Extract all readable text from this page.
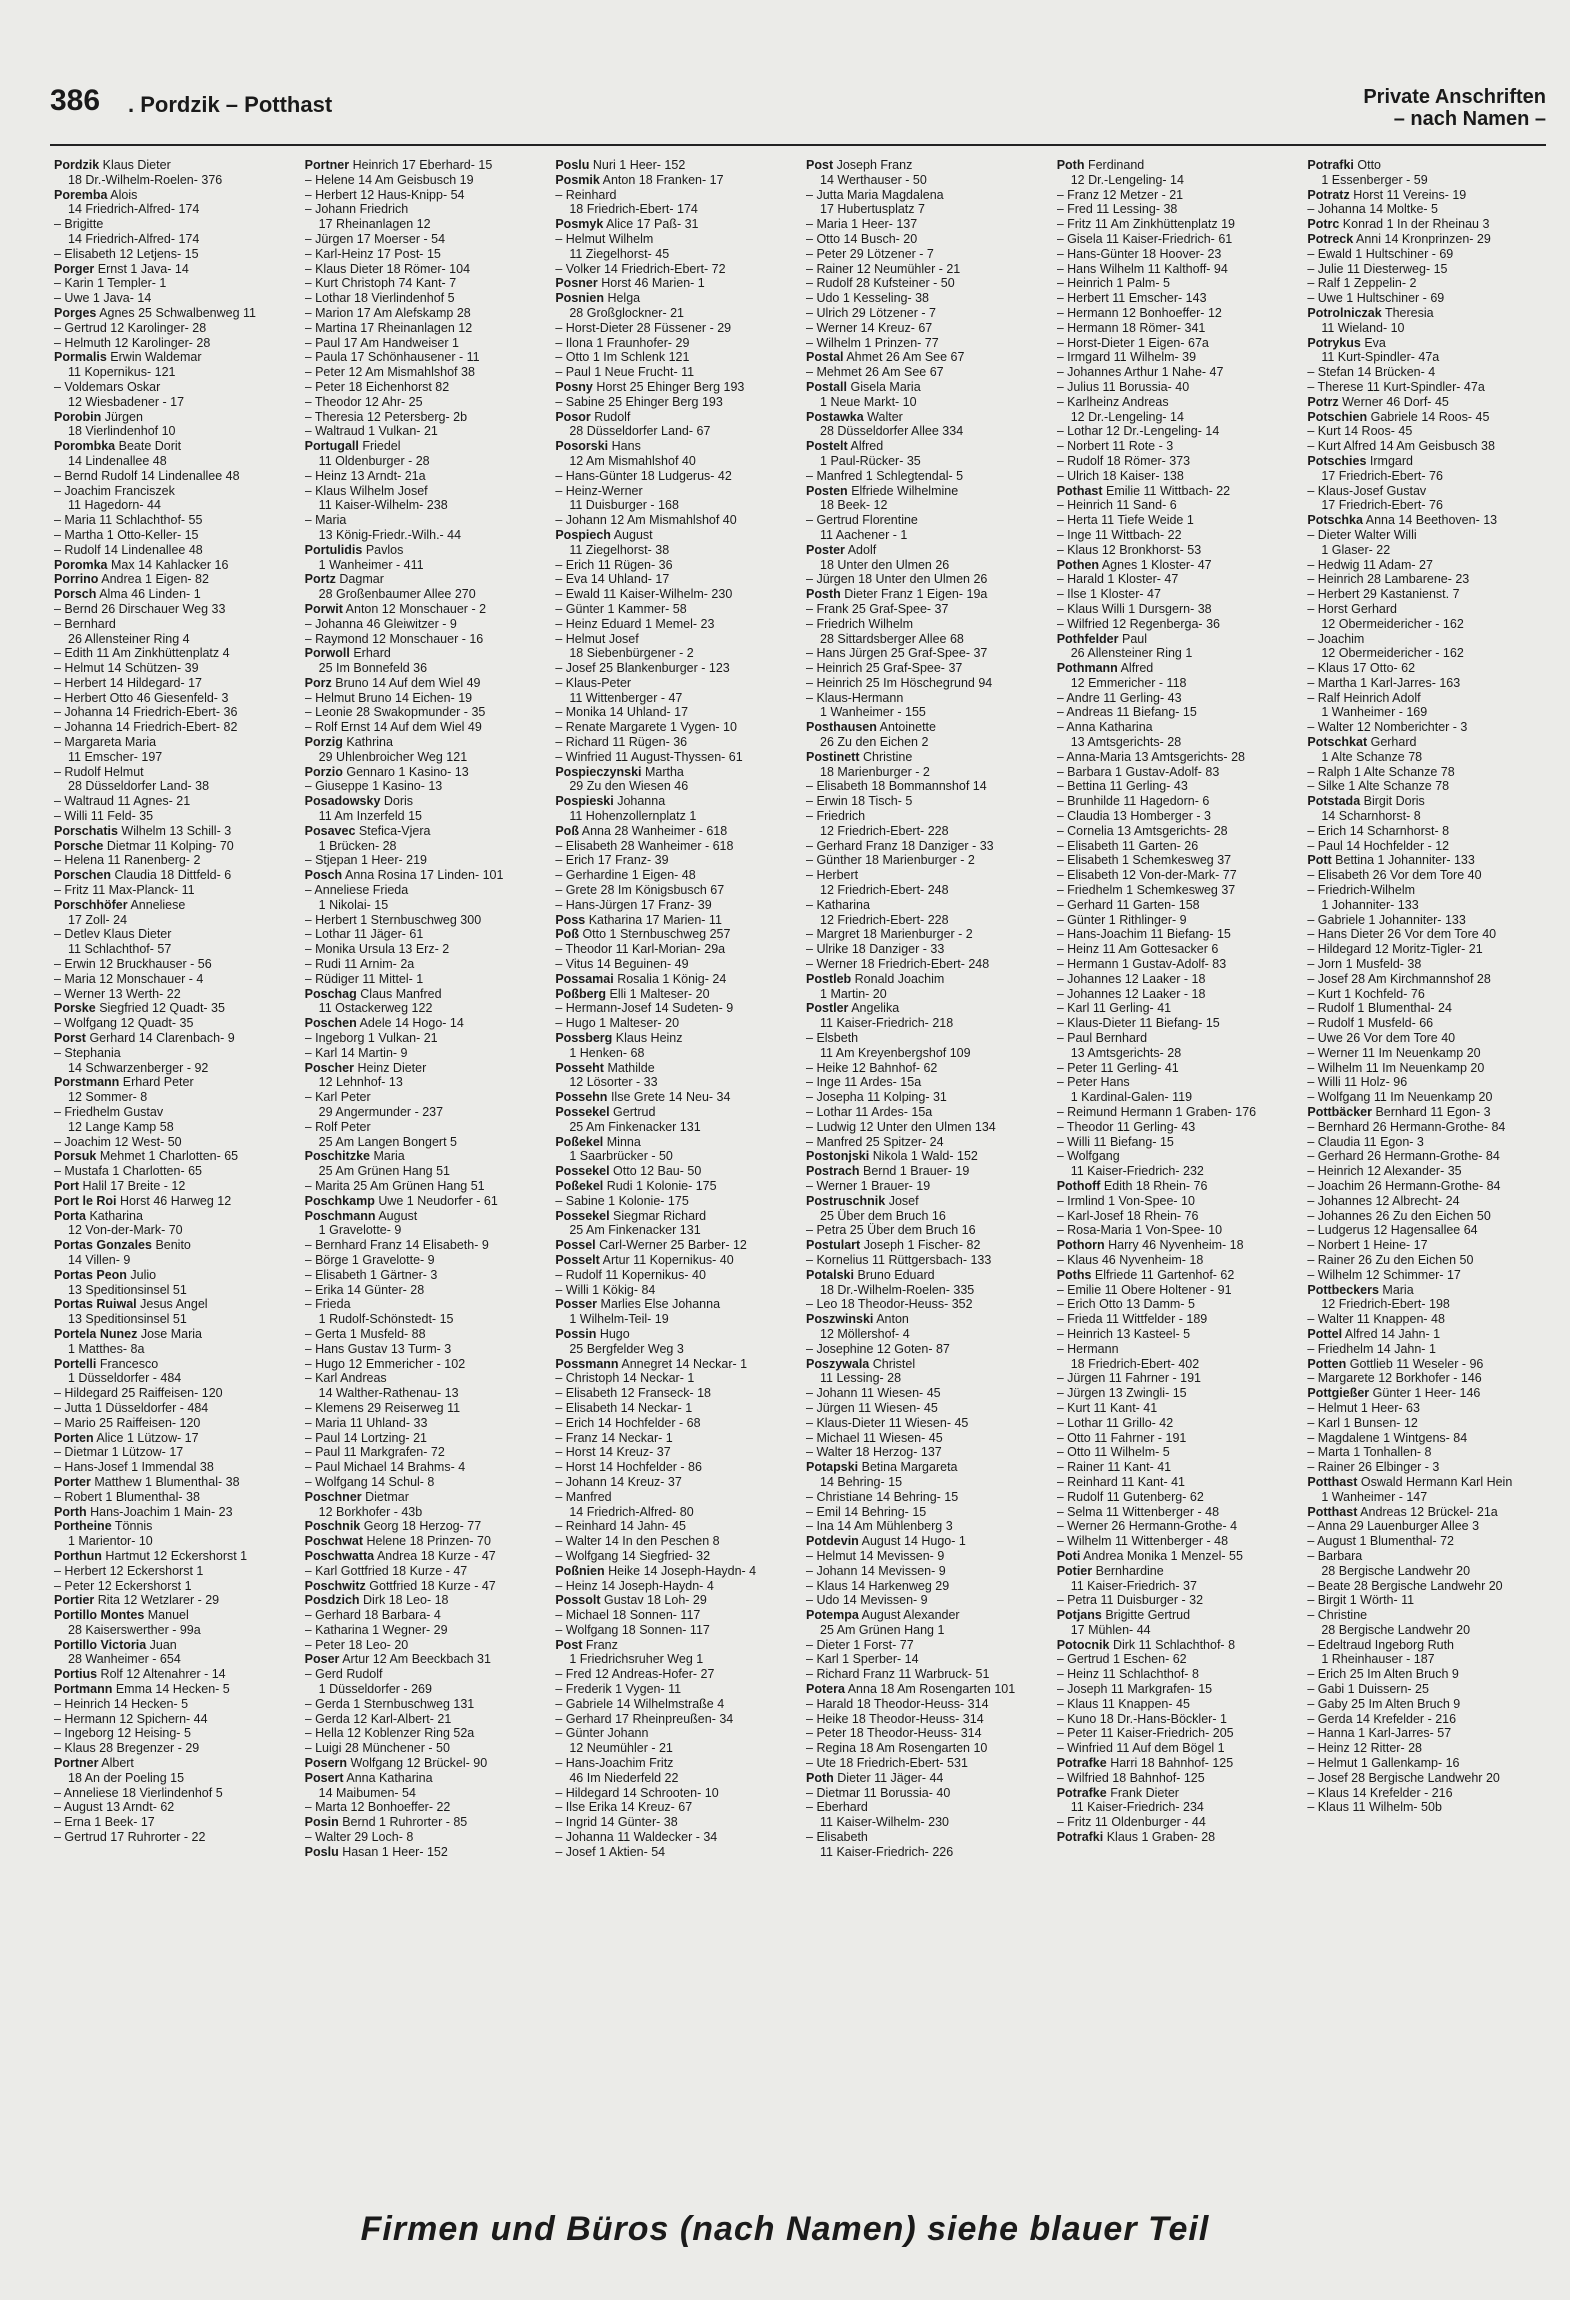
386 . Pordzik – Potthast	Private Anschriften
– nach Namen –
Pordzik Klaus Dieter
18 Dr.-Wilhelm-Roelen- 376
Poremba Alois
14 Friedrich-Alfred- 174
– Brigitte
14 Friedrich-Alfred- 174
– Elisabeth 12 Letjens- 15
Porger Ernst 1 Java- 14
– Karin 1 Templer- 1
– Uwe 1 Java- 14
Porges Agnes 25 Schwalbenweg 11
– Gertrud 12 Karolinger- 28
– Helmuth 12 Karolinger- 28
Pormalis Erwin Waldemar
11 Kopernikus- 121
– Voldemars Oskar
12 Wiesbadener - 17
Porobin Jürgen
18 Vierlindenhof 10
Porombka Beate Dorit
14 Lindenallee 48
– Bernd Rudolf 14 Lindenallee 48
– Joachim Franciszek
11 Hagedorn- 44
– Maria 11 Schlachthof- 55
– Martha 1 Otto-Keller- 15
– Rudolf 14 Lindenallee 48
Poromka Max 14 Kahlacker 16
Porrino Andrea 1 Eigen- 82
Porsch Alma 46 Linden- 1
– Bernd 26 Dirschauer Weg 33
– Bernhard
26 Allensteiner Ring 4
– Edith 11 Am Zinkhüttenplatz 4
– Helmut 14 Schützen- 39
– Herbert 14 Hildegard- 17
– Herbert Otto 46 Giesenfeld- 3
– Johanna 14 Friedrich-Ebert- 36
– Johanna 14 Friedrich-Ebert- 82
– Margareta Maria
11 Emscher- 197
– Rudolf Helmut
28 Düsseldorfer Land- 38
– Waltraud 11 Agnes- 21
– Willi 11 Feld- 35
Porschatis Wilhelm 13 Schill- 3
Porsche Dietmar 11 Kolping- 70
– Helena 11 Ranenberg- 2
Porschen Claudia 18 Dittfeld- 6
– Fritz 11 Max-Planck- 11
Porschhöfer Anneliese
17 Zoll- 24
– Detlev Klaus Dieter
11 Schlachthof- 57
– Erwin 12 Bruckhauser - 56
– Maria 12 Monschauer - 4
– Werner 13 Werth- 22
Porske Siegfried 12 Quadt- 35
– Wolfgang 12 Quadt- 35
Porst Gerhard 14 Clarenbach- 9
– Stephania
14 Schwarzenberger - 92
Porstmann Erhard Peter
12 Sommer- 8
– Friedhelm Gustav
12 Lange Kamp 58
– Joachim 12 West- 50
Porsuk Mehmet 1 Charlotten- 65
– Mustafa 1 Charlotten- 65
Port Halil 17 Breite - 12
Port le Roi Horst 46 Harweg 12
Porta Katharina
12 Von-der-Mark- 70
Portas Gonzales Benito
14 Villen- 9
Portas Peon Julio
13 Speditionsinsel 51
Portas Ruiwal Jesus Angel
13 Speditionsinsel 51
Portela Nunez Jose Maria
1 Matthes- 8a
Portelli Francesco
1 Düsseldorfer - 484
– Hildegard 25 Raiffeisen- 120
– Jutta 1 Düsseldorfer - 484
– Mario 25 Raiffeisen- 120
Porten Alice 1 Lützow- 17
– Dietmar 1 Lützow- 17
– Hans-Josef 1 Immendal 38
Porter Matthew 1 Blumenthal- 38
– Robert 1 Blumenthal- 38
Porth Hans-Joachim 1 Main- 23
Portheine Tönnis
1 Marientor- 10
Porthun Hartmut 12 Eckershorst 1
– Herbert 12 Eckershorst 1
– Peter 12 Eckershorst 1
Portier Rita 12 Wetzlarer - 29
Portillo Montes Manuel
28 Kaiserswerther - 99a
Portillo Victoria Juan
28 Wanheimer - 654
Portius Rolf 12 Altenahrer - 14
Portmann Emma 14 Hecken- 5
– Heinrich 14 Hecken- 5
– Hermann 12 Spichern- 44
– Ingeborg 12 Heising- 5
– Klaus 28 Bregenzer - 29
Portner Albert
18 An der Poeling 15
– Anneliese 18 Vierlindenhof 5
– August 13 Arndt- 62
– Erna 1 Beek- 17
– Gertrud 17 Ruhrorter - 22
Portner Heinrich 17 Eberhard- 15
– Helene 14 Am Geisbusch 19
– Herbert 12 Haus-Knipp- 54
– Johann Friedrich
17 Rheinanlagen 12
– Jürgen 17 Moerser - 54
– Karl-Heinz 17 Post- 15
– Klaus Dieter 18 Römer- 104
– Kurt Christoph 74 Kant- 7
– Lothar 18 Vierlindenhof 5
– Marion 17 Am Alefskamp 28
– Martina 17 Rheinanlagen 12
– Paul 17 Am Handweiser 1
– Paula 17 Schönhausener - 11
– Peter 12 Am Mismahlshof 38
– Peter 18 Eichenhorst 82
– Theodor 12 Ahr- 25
– Theresia 12 Petersberg- 2b
– Waltraud 1 Vulkan- 21
Portugall Friedel
11 Oldenburger - 28
– Heinz 13 Arndt- 21a
– Klaus Wilhelm Josef
11 Kaiser-Wilhelm- 238
– Maria
13 König-Friedr.-Wilh.- 44
Portulidis Pavlos
1 Wanheimer - 411
Portz Dagmar
28 Großenbaumer Allee 270
Porwit Anton 12 Monschauer - 2
– Johanna 46 Gleiwitzer - 9
– Raymond 12 Monschauer - 16
Porwoll Erhard
25 Im Bonnefeld 36
Porz Bruno 14 Auf dem Wiel 49
– Helmut Bruno 14 Eichen- 19
– Leonie 28 Swakopmunder - 35
– Rolf Ernst 14 Auf dem Wiel 49
Porzig Kathrina
29 Uhlenbroicher Weg 121
Porzio Gennaro 1 Kasino- 13
– Giuseppe 1 Kasino- 13
Posadowsky Doris
11 Am Inzerfeld 15
Posavec Stefica-Vjera
1 Brücken- 28
– Stjepan 1 Heer- 219
Posch Anna Rosina 17 Linden- 101
– Anneliese Frieda
1 Nikolai- 15
– Herbert 1 Sternbuschweg 300
– Lothar 11 Jäger- 61
– Monika Ursula 13 Erz- 2
– Rudi 11 Arnim- 2a
– Rüdiger 11 Mittel- 1
Poschag Claus Manfred
11 Ostackerweg 122
Poschen Adele 14 Hogo- 14
– Ingeborg 1 Vulkan- 21
– Karl 14 Martin- 9
Poscher Heinz Dieter
12 Lehnhof- 13
– Karl Peter
29 Angermunder - 237
– Rolf Peter
25 Am Langen Bongert 5
Poschitzke Maria
25 Am Grünen Hang 51
– Marita 25 Am Grünen Hang 51
Poschkamp Uwe 1 Neudorfer - 61
Poschmann August
1 Gravelotte- 9
– Bernhard Franz 14 Elisabeth- 9
– Börge 1 Gravelotte- 9
– Elisabeth 1 Gärtner- 3
– Erika 14 Günter- 28
– Frieda
1 Rudolf-Schönstedt- 15
– Gerta 1 Musfeld- 88
– Hans Gustav 13 Turm- 3
– Hugo 12 Emmericher - 102
– Karl Andreas
14 Walther-Rathenau- 13
– Klemens 29 Reiserweg 11
– Maria 11 Uhland- 33
– Paul 14 Lortzing- 21
– Paul 11 Markgrafen- 72
– Paul Michael 14 Brahms- 4
– Wolfgang 14 Schul- 8
Poschner Dietmar
12 Borkhofer - 43b
Poschnik Georg 18 Herzog- 77
Poschwat Helene 18 Prinzen- 70
Poschwatta Andrea 18 Kurze - 47
– Karl Gottfried 18 Kurze - 47
Poschwitz Gottfried 18 Kurze - 47
Posdzich Dirk 18 Leo- 18
– Gerhard 18 Barbara- 4
– Katharina 1 Wegner- 29
– Peter 18 Leo- 20
Poser Artur 12 Am Beeckbach 31
– Gerd Rudolf
1 Düsseldorfer - 269
– Gerda 1 Sternbuschweg 131
– Gerda 12 Karl-Albert- 21
– Hella 12 Koblenzer Ring 52a
– Luigi 28 Münchener - 50
Posern Wolfgang 12 Brückel- 90
Posert Anna Katharina
14 Maibumen- 54
– Marta 12 Bonhoeffer- 22
Posin Bernd 1 Ruhrorter - 85
– Walter 29 Loch- 8
Poslu Hasan 1 Heer- 152
Poslu Nuri 1 Heer- 152
Posmik Anton 18 Franken- 17
– Reinhard
18 Friedrich-Ebert- 174
Posmyk Alice 17 Paß- 31
– Helmut Wilhelm
11 Ziegelhorst- 45
– Volker 14 Friedrich-Ebert- 72
Posner Horst 46 Marien- 1
Posnien Helga
28 Großglockner- 21
– Horst-Dieter 28 Füssener - 29
– Ilona 1 Fraunhofer- 29
– Otto 1 Im Schlenk 121
– Paul 1 Neue Frucht- 11
Posny Horst 25 Ehinger Berg 193
– Sabine 25 Ehinger Berg 193
Posor Rudolf
28 Düsseldorfer Land- 67
Posorski Hans
12 Am Mismahlshof 40
– Hans-Günter 18 Ludgerus- 42
– Heinz-Werner
11 Duisburger - 168
– Johann 12 Am Mismahlshof 40
Pospiech August
11 Ziegelhorst- 38
– Erich 11 Rügen- 36
– Eva 14 Uhland- 17
– Ewald 11 Kaiser-Wilhelm- 230
– Günter 1 Kammer- 58
– Heinz Eduard 1 Memel- 23
– Helmut Josef
18 Siebenbürgener - 2
– Josef 25 Blankenburger - 123
– Klaus-Peter
11 Wittenberger - 47
– Monika 14 Uhland- 17
– Renate Margarete 1 Vygen- 10
– Richard 11 Rügen- 36
– Winfried 11 August-Thyssen- 61
Pospieczynski Martha
29 Zu den Wiesen 46
Pospieski Johanna
11 Hohenzollernplatz 1
Poß Anna 28 Wanheimer - 618
– Elisabeth 28 Wanheimer - 618
– Erich 17 Franz- 39
– Gerhardine 1 Eigen- 48
– Grete 28 Im Königsbusch 67
– Hans-Jürgen 17 Franz- 39
Poss Katharina 17 Marien- 11
Poß Otto 1 Sternbuschweg 257
– Theodor 11 Karl-Morian- 29a
– Vitus 14 Beguinen- 49
Possamai Rosalia 1 König- 24
Poßberg Elli 1 Malteser- 20
– Hermann-Josef 14 Sudeten- 9
– Hugo 1 Malteser- 20
Possberg Klaus Heinz
1 Henken- 68
Posseht Mathilde
12 Lösorter - 33
Possehn Ilse Grete 14 Neu- 34
Possekel Gertrud
25 Am Finkenacker 131
Poßekel Minna
1 Saarbrücker - 50
Possekel Otto 12 Bau- 50
Poßekel Rudi 1 Kolonie- 175
– Sabine 1 Kolonie- 175
Possekel Siegmar Richard
25 Am Finkenacker 131
Possel Carl-Werner 25 Barber- 12
Posselt Artur 11 Kopernikus- 40
– Rudolf 11 Kopernikus- 40
– Willi 1 Kökig- 84
Posser Marlies Else Johanna
1 Wilhelm-Teil- 19
Possin Hugo
25 Bergfelder Weg 3
Possmann Annegret 14 Neckar- 1
– Christoph 14 Neckar- 1
– Elisabeth 12 Franseck- 18
– Elisabeth 14 Neckar- 1
– Erich 14 Hochfelder - 68
– Franz 14 Neckar- 1
– Horst 14 Kreuz- 37
– Horst 14 Hochfelder - 86
– Johann 14 Kreuz- 37
– Manfred
14 Friedrich-Alfred- 80
– Reinhard 14 Jahn- 45
– Walter 14 In den Peschen 8
– Wolfgang 14 Siegfried- 32
Poßnien Heike 14 Joseph-Haydn- 4
– Heinz 14 Joseph-Haydn- 4
Possolt Gustav 18 Loh- 29
– Michael 18 Sonnen- 117
– Wolfgang 18 Sonnen- 117
Post Franz
1 Friedrichsruher Weg 1
– Fred 12 Andreas-Hofer- 27
– Frederik 1 Vygen- 11
– Gabriele 14 Wilhelmstraße 4
– Gerhard 17 Rheinpreußen- 34
– Günter Johann
12 Neumühler - 21
– Hans-Joachim Fritz
46 Im Niederfeld 22
– Hildegard 14 Schrooten- 10
– Ilse Erika 14 Kreuz- 67
– Ingrid 14 Günter- 38
– Johanna 11 Waldecker - 34
– Josef 1 Aktien- 54
Post Joseph Franz
14 Werthauser - 50
– Jutta Maria Magdalena
17 Hubertusplatz 7
– Maria 1 Heer- 137
– Otto 14 Busch- 20
– Peter 29 Lötzener - 7
– Rainer 12 Neumühler - 21
– Rudolf 28 Kufsteiner - 50
– Udo 1 Kesseling- 38
– Ulrich 29 Lötzener - 7
– Werner 14 Kreuz- 67
– Wilhelm 1 Prinzen- 77
Postal Ahmet 26 Am See 67
– Mehmet 26 Am See 67
Postall Gisela Maria
1 Neue Markt- 10
Postawka Walter
28 Düsseldorfer Allee 334
Postelt Alfred
1 Paul-Rücker- 35
– Manfred 1 Schlegtendal- 5
Posten Elfriede Wilhelmine
18 Beek- 12
– Gertrud Florentine
11 Aachener - 1
Poster Adolf
18 Unter den Ulmen 26
– Jürgen 18 Unter den Ulmen 26
Posth Dieter Franz 1 Eigen- 19a
– Frank 25 Graf-Spee- 37
– Friedrich Wilhelm
28 Sittardsberger Allee 68
– Hans Jürgen 25 Graf-Spee- 37
– Heinrich 25 Graf-Spee- 37
– Heinrich 25 Im Höschegrund 94
– Klaus-Hermann
1 Wanheimer - 155
Posthausen Antoinette
26 Zu den Eichen 2
Postinett Christine
18 Marienburger - 2
– Elisabeth 18 Bommannshof 14
– Erwin 18 Tisch- 5
– Friedrich
12 Friedrich-Ebert- 228
– Gerhard Franz 18 Danziger - 33
– Günther 18 Marienburger - 2
– Herbert
12 Friedrich-Ebert- 248
– Katharina
12 Friedrich-Ebert- 228
– Margret 18 Marienburger - 2
– Ulrike 18 Danziger - 33
– Werner 18 Friedrich-Ebert- 248
Postleb Ronald Joachim
1 Martin- 20
Postler Angelika
11 Kaiser-Friedrich- 218
– Elsbeth
11 Am Kreyenbergshof 109
– Heike 12 Bahnhof- 62
– Inge 11 Ardes- 15a
– Josepha 11 Kolping- 31
– Lothar 11 Ardes- 15a
– Ludwig 12 Unter den Ulmen 134
– Manfred 25 Spitzer- 24
Postonjski Nikola 1 Wald- 152
Postrach Bernd 1 Brauer- 19
– Werner 1 Brauer- 19
Postruschnik Josef
25 Über dem Bruch 16
– Petra 25 Über dem Bruch 16
Postulart Joseph 1 Fischer- 82
– Kornelius 11 Rüttgersbach- 133
Potalski Bruno Eduard
18 Dr.-Wilhelm-Roelen- 335
– Leo 18 Theodor-Heuss- 352
Poszwinski Anton
12 Möllershof- 4
– Josephine 12 Goten- 87
Poszywala Christel
11 Lessing- 28
– Johann 11 Wiesen- 45
– Jürgen 11 Wiesen- 45
– Klaus-Dieter 11 Wiesen- 45
– Michael 11 Wiesen- 45
– Walter 18 Herzog- 137
Potapski Betina Margareta
14 Behring- 15
– Christiane 14 Behring- 15
– Emil 14 Behring- 15
– Ina 14 Am Mühlenberg 3
Potdevin August 14 Hugo- 1
– Helmut 14 Mevissen- 9
– Johann 14 Mevissen- 9
– Klaus 14 Harkenweg 29
– Udo 14 Mevissen- 9
Potempa August Alexander
25 Am Grünen Hang 1
– Dieter 1 Forst- 77
– Karl 1 Sperber- 14
– Richard Franz 11 Warbruck- 51
Potera Anna 18 Am Rosengarten 101
– Harald 18 Theodor-Heuss- 314
– Heike 18 Theodor-Heuss- 314
– Peter 18 Theodor-Heuss- 314
– Regina 18 Am Rosengarten 10
– Ute 18 Friedrich-Ebert- 531
Poth Dieter 11 Jäger- 44
– Dietmar 11 Borussia- 40
– Eberhard
11 Kaiser-Wilhelm- 230
– Elisabeth
11 Kaiser-Friedrich- 226
Poth Ferdinand
12 Dr.-Lengeling- 14
– Franz 12 Metzer - 21
– Fred 11 Lessing- 38
– Fritz 11 Am Zinkhüttenplatz 19
– Gisela 11 Kaiser-Friedrich- 61
– Hans-Günter 18 Hoover- 23
– Hans Wilhelm 11 Kalthoff- 94
– Heinrich 1 Palm- 5
– Herbert 11 Emscher- 143
– Hermann 12 Bonhoeffer- 12
– Hermann 18 Römer- 341
– Horst-Dieter 1 Eigen- 67a
– Irmgard 11 Wilhelm- 39
– Johannes Arthur 1 Nahe- 47
– Julius 11 Borussia- 40
– Karlheinz Andreas
12 Dr.-Lengeling- 14
– Lothar 12 Dr.-Lengeling- 14
– Norbert 11 Rote - 3
– Rudolf 18 Römer- 373
– Ulrich 18 Kaiser- 138
Pothast Emilie 11 Wittbach- 22
– Heinrich 11 Sand- 6
– Herta 11 Tiefe Weide 1
– Inge 11 Wittbach- 22
– Klaus 12 Bronkhorst- 53
Pothen Agnes 1 Kloster- 47
– Harald 1 Kloster- 47
– Ilse 1 Kloster- 47
– Klaus Willi 1 Dursgern- 38
– Wilfried 12 Regenberga- 36
Pothfelder Paul
26 Allensteiner Ring 1
Pothmann Alfred
12 Emmericher - 118
– Andre 11 Gerling- 43
– Andreas 11 Biefang- 15
– Anna Katharina
13 Amtsgerichts- 28
– Anna-Maria 13 Amtsgerichts- 28
– Barbara 1 Gustav-Adolf- 83
– Bettina 11 Gerling- 43
– Brunhilde 11 Hagedorn- 6
– Claudia 13 Homberger - 3
– Cornelia 13 Amtsgerichts- 28
– Elisabeth 11 Garten- 26
– Elisabeth 1 Schemkesweg 37
– Elisabeth 12 Von-der-Mark- 77
– Friedhelm 1 Schemkesweg 37
– Gerhard 11 Garten- 158
– Günter 1 Rithlinger- 9
– Hans-Joachim 11 Biefang- 15
– Heinz 11 Am Gottesacker 6
– Hermann 1 Gustav-Adolf- 83
– Johannes 12 Laaker - 18
– Johannes 12 Laaker - 18
– Karl 11 Gerling- 41
– Klaus-Dieter 11 Biefang- 15
– Paul Bernhard
13 Amtsgerichts- 28
– Peter 11 Gerling- 41
– Peter Hans
1 Kardinal-Galen- 119
– Reimund Hermann 1 Graben- 176
– Theodor 11 Gerling- 43
– Willi 11 Biefang- 15
– Wolfgang
11 Kaiser-Friedrich- 232
Pothoff Edith 18 Rhein- 76
– Irmlind 1 Von-Spee- 10
– Karl-Josef 18 Rhein- 76
– Rosa-Maria 1 Von-Spee- 10
Pothorn Harry 46 Nyvenheim- 18
– Klaus 46 Nyvenheim- 18
Poths Elfriede 11 Gartenhof- 62
– Emilie 11 Obere Holtener - 91
– Erich Otto 13 Damm- 5
– Frieda 11 Wittfelder - 189
– Heinrich 13 Kasteel- 5
– Hermann
18 Friedrich-Ebert- 402
– Jürgen 11 Fahrner - 191
– Jürgen 13 Zwingli- 15
– Kurt 11 Kant- 41
– Lothar 11 Grillo- 42
– Otto 11 Fahrner - 191
– Otto 11 Wilhelm- 5
– Rainer 11 Kant- 41
– Reinhard 11 Kant- 41
– Rudolf 11 Gutenberg- 62
– Selma 11 Wittenberger - 48
– Werner 26 Hermann-Grothe- 4
– Wilhelm 11 Wittenberger - 48
Poti Andrea Monika 1 Menzel- 55
Potier Bernhardine
11 Kaiser-Friedrich- 37
– Petra 11 Duisburger - 32
Potjans Brigitte Gertrud
17 Mühlen- 44
Potocnik Dirk 11 Schlachthof- 8
– Gertrud 1 Eschen- 62
– Heinz 11 Schlachthof- 8
– Joseph 11 Markgrafen- 15
– Klaus 11 Knappen- 45
– Kuno 18 Dr.-Hans-Böckler- 1
– Peter 11 Kaiser-Friedrich- 205
– Winfried 11 Auf dem Bögel 1
Potrafke Harri 18 Bahnhof- 125
– Wilfried 18 Bahnhof- 125
Potrafke Frank Dieter
11 Kaiser-Friedrich- 234
– Fritz 11 Oldenburger - 44
Potrafki Klaus 1 Graben- 28
Potrafki Otto
1 Essenberger - 59
Potratz Horst 11 Vereins- 19
– Johanna 14 Moltke- 5
Potrc Konrad 1 In der Rheinau 3
Potreck Anni 14 Kronprinzen- 29
– Ewald 1 Hultschiner - 69
– Julie 11 Diesterweg- 15
– Ralf 1 Zeppelin- 2
– Uwe 1 Hultschiner - 69
Potrolniczak Theresia
11 Wieland- 10
Potrykus Eva
11 Kurt-Spindler- 47a
– Stefan 14 Brücken- 4
– Therese 11 Kurt-Spindler- 47a
Potrz Werner 46 Dorf- 45
Potschien Gabriele 14 Roos- 45
– Kurt 14 Roos- 45
– Kurt Alfred 14 Am Geisbusch 38
Potschies Irmgard
17 Friedrich-Ebert- 76
– Klaus-Josef Gustav
17 Friedrich-Ebert- 76
Potschka Anna 14 Beethoven- 13
– Dieter Walter Willi
1 Glaser- 22
– Hedwig 11 Adam- 27
– Heinrich 28 Lambarene- 23
– Herbert 29 Kastanienst. 7
– Horst Gerhard
12 Obermeidericher - 162
– Joachim
12 Obermeidericher - 162
– Klaus 17 Otto- 62
– Martha 1 Karl-Jarres- 163
– Ralf Heinrich Adolf
1 Wanheimer - 169
– Walter 12 Nomberichter - 3
Potschkat Gerhard
1 Alte Schanze 78
– Ralph 1 Alte Schanze 78
– Silke 1 Alte Schanze 78
Potstada Birgit Doris
14 Scharnhorst- 8
– Erich 14 Scharnhorst- 8
– Paul 14 Hochfelder - 12
Pott Bettina 1 Johanniter- 133
– Elisabeth 26 Vor dem Tore 40
– Friedrich-Wilhelm
1 Johanniter- 133
– Gabriele 1 Johanniter- 133
– Hans Dieter 26 Vor dem Tore 40
– Hildegard 12 Moritz-Tigler- 21
– Jorn 1 Musfeld- 38
– Josef 28 Am Kirchmannshof 28
– Kurt 1 Kochfeld- 76
– Rudolf 1 Blumenthal- 24
– Rudolf 1 Musfeld- 66
– Uwe 26 Vor dem Tore 40
– Werner 11 Im Neuenkamp 20
– Wilhelm 11 Im Neuenkamp 20
– Willi 11 Holz- 96
– Wolfgang 11 Im Neuenkamp 20
Pottbäcker Bernhard 11 Egon- 3
– Bernhard 26 Hermann-Grothe- 84
– Claudia 11 Egon- 3
– Gerhard 26 Hermann-Grothe- 84
– Heinrich 12 Alexander- 35
– Joachim 26 Hermann-Grothe- 84
– Johannes 12 Albrecht- 24
– Johannes 26 Zu den Eichen 50
– Ludgerus 12 Hagensallee 64
– Norbert 1 Heine- 17
– Rainer 26 Zu den Eichen 50
– Wilhelm 12 Schimmer- 17
Pottbeckers Maria
12 Friedrich-Ebert- 198
– Walter 11 Knappen- 48
Pottel Alfred 14 Jahn- 1
– Friedhelm 14 Jahn- 1
Potten Gottlieb 11 Weseler - 96
– Margarete 12 Borkhofer - 146
Pottgießer Günter 1 Heer- 146
– Helmut 1 Heer- 63
– Karl 1 Bunsen- 12
– Magdalene 1 Wintgens- 84
– Marta 1 Tonhallen- 8
– Rainer 26 Elbinger - 3
Potthast Oswald Hermann Karl Hein
1 Wanheimer - 147
Potthast Andreas 12 Brückel- 21a
– Anna 29 Lauenburger Allee 3
– August 1 Blumenthal- 72
– Barbara
28 Bergische Landwehr 20
– Beate 28 Bergische Landwehr 20
– Birgit 1 Wörth- 11
– Christine
28 Bergische Landwehr 20
– Edeltraud Ingeborg Ruth
1 Rheinhauser - 187
– Erich 25 Im Alten Bruch 9
– Gabi 1 Duissern- 25
– Gaby 25 Im Alten Bruch 9
– Gerda 14 Krefelder - 216
– Hanna 1 Karl-Jarres- 57
– Heinz 12 Ritter- 28
– Helmut 1 Gallenkamp- 16
– Josef 28 Bergische Landwehr 20
– Klaus 14 Krefelder - 216
– Klaus 11 Wilhelm- 50b
Firmen und Büros (nach Namen) siehe blauer Teil
